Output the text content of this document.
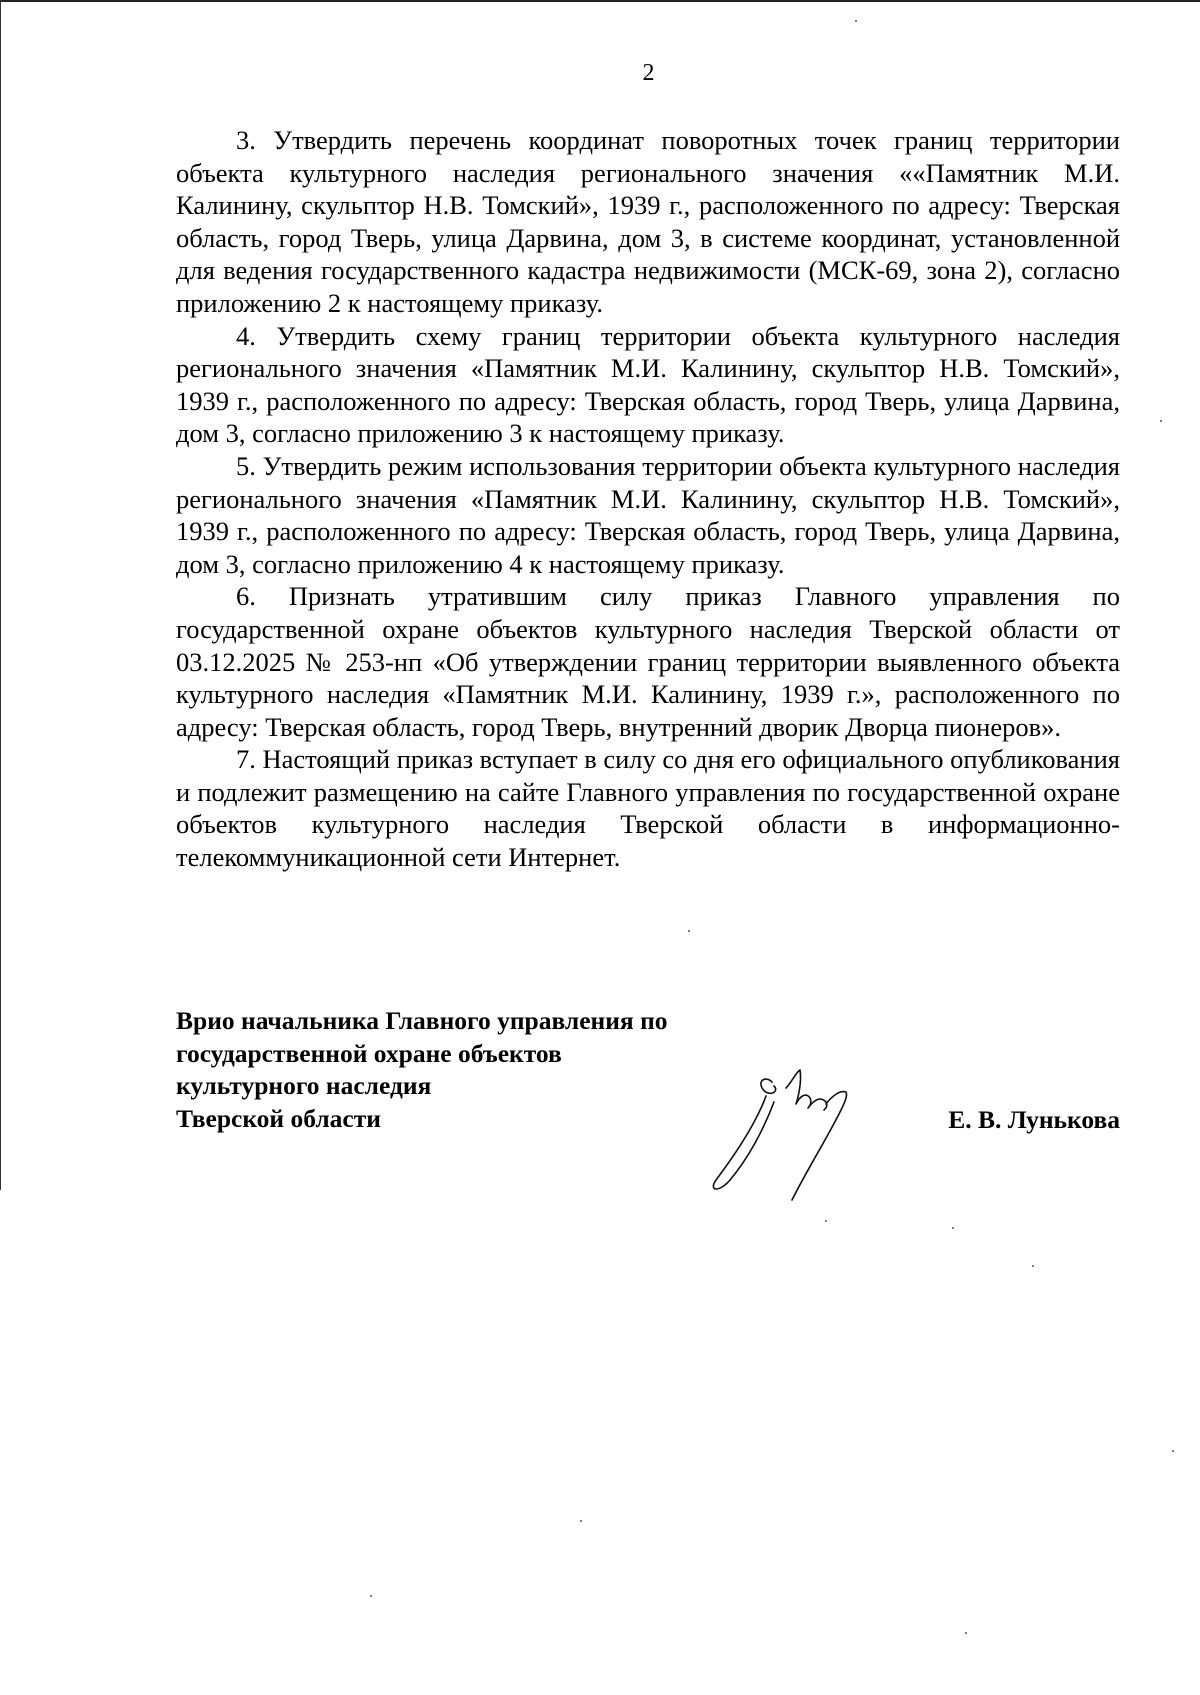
2

3. Утвердить перечень координат поворотных точек границ территории объекта культурного наследия регионального значения ««Памятник М.И. Калинину, скульптор Н.В. Томский», 1939 г., расположенного по адресу: Тверская область, город Тверь, улица Дарвина, дом 3, в системе координат, установленной для ведения государственного кадастра недвижимости (МСК-69, зона 2), согласно приложению 2 к настоящему приказу.

4. Утвердить схему границ территории объекта культурного наследия регионального значения «Памятник М.И. Калинину, скульптор Н.В. Томский», 1939 г., расположенного по адресу: Тверская область, город Тверь, улица Дарвина, дом 3, согласно приложению 3 к настоящему приказу.

5. Утвердить режим использования территории объекта культурного наследия регионального значения «Памятник М.И. Калинину, скульптор Н.В. Томский», 1939 г., расположенного по адресу: Тверская область, город Тверь, улица Дарвина, дом 3, согласно приложению 4 к настоящему приказу.

6. Признать утратившим силу приказ Главного управления по государственной охране объектов культурного наследия Тверской области от 03.12.2025 № 253-нп «Об утверждении границ территории выявленного объекта культурного наследия «Памятник М.И. Калинину, 1939 г.», расположенного по адресу: Тверская область, город Тверь, внутренний дворик Дворца пионеров».

7. Настоящий приказ вступает в силу со дня его официального опубликования и подлежит размещению на сайте Главного управления по государственной охране объектов культурного наследия Тверской области в информационно-телекоммуникационной сети Интернет.

Врио начальника Главного управления по
государственной охране объектов
культурного наследия
Тверской области	Е. В. Лунькова
